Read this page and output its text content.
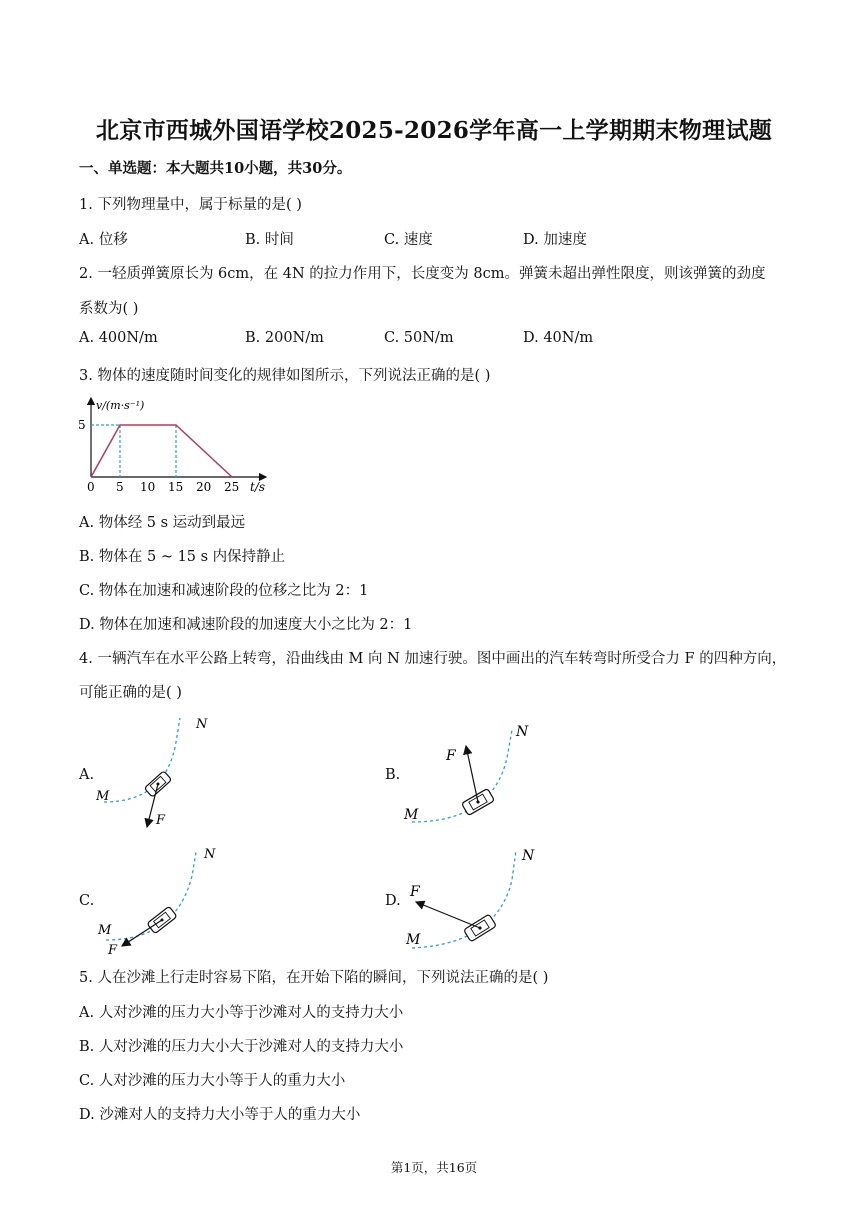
北京市西城外国语学校2025-2026学年高一上学期期末物理试题
一、单选题：本大题共10小题，共30分。
1. 下列物理量中，属于标量的是( )
A. 位移	B. 时间	C. 速度	D. 加速度
2. 一轻质弹簧原长为 6cm，在 4N 的拉力作用下，长度变为 8cm。弹簧未超出弹性限度，则该弹簧的劲度
系数为( )
A. 400N/m	B. 200N/m	C. 50N/m	D. 40N/m
3. 物体的速度随时间变化的规律如图所示，下列说法正确的是( )
v/(m·s⁻¹)
5
0 5 10 15 20 25 t/s
A. 物体经 5 s 运动到最远
B. 物体在 5 ~ 15 s 内保持静止
C. 物体在加速和减速阶段的位移之比为 2：1
D. 物体在加速和减速阶段的加速度大小之比为 2：1
4. 一辆汽车在水平公路上转弯，沿曲线由 M 向 N 加速行驶。图中画出的汽车转弯时所受合力 F 的四种方向，
可能正确的是( )
A.
M
N
F
B.
M
N
F
C.
M
N
F
D.
M
N
F
5. 人在沙滩上行走时容易下陷，在开始下陷的瞬间，下列说法正确的是( )
A. 人对沙滩的压力大小等于沙滩对人的支持力大小
B. 人对沙滩的压力大小大于沙滩对人的支持力大小
C. 人对沙滩的压力大小等于人的重力大小
D. 沙滩对人的支持力大小等于人的重力大小
第1页，共16页
